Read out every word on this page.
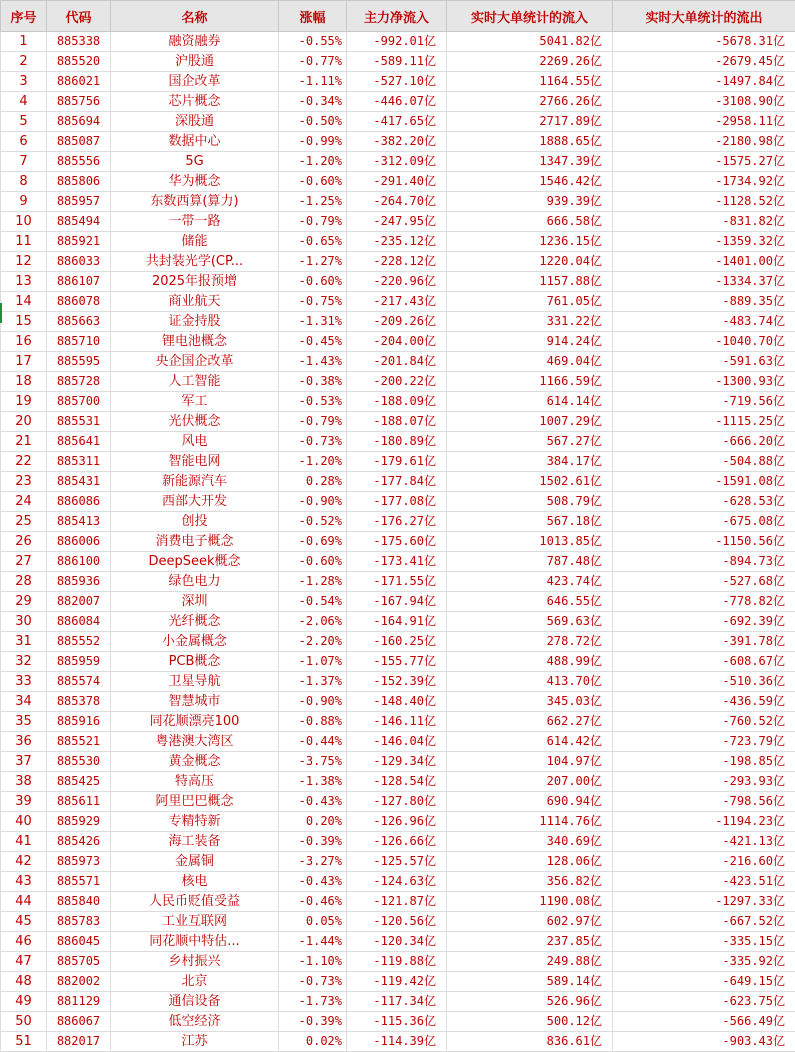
序号	代码	名称	涨幅	主力净流入	实时大单统计的流入	实时大单统计的流出
1	885338	融资融券	-0.55%	-992.01亿	5041.82亿	-5678.31亿
2	885520	沪股通	-0.77%	-589.11亿	2269.26亿	-2679.45亿
3	886021	国企改革	-1.11%	-527.10亿	1164.55亿	-1497.84亿
4	885756	芯片概念	-0.34%	-446.07亿	2766.26亿	-3108.90亿
5	885694	深股通	-0.50%	-417.65亿	2717.89亿	-2958.11亿
6	885087	数据中心	-0.99%	-382.20亿	1888.65亿	-2180.98亿
7	885556	5G	-1.20%	-312.09亿	1347.39亿	-1575.27亿
8	885806	华为概念	-0.60%	-291.40亿	1546.42亿	-1734.92亿
9	885957	东数西算(算力)	-1.25%	-264.70亿	939.39亿	-1128.52亿
10	885494	一带一路	-0.79%	-247.95亿	666.58亿	-831.82亿
11	885921	储能	-0.65%	-235.12亿	1236.15亿	-1359.32亿
12	886033	共封装光学(CP...	-1.27%	-228.12亿	1220.04亿	-1401.00亿
13	886107	2025年报预增	-0.60%	-220.96亿	1157.88亿	-1334.37亿
14	886078	商业航天	-0.75%	-217.43亿	761.05亿	-889.35亿
15	885663	证金持股	-1.31%	-209.26亿	331.22亿	-483.74亿
16	885710	锂电池概念	-0.45%	-204.00亿	914.24亿	-1040.70亿
17	885595	央企国企改革	-1.43%	-201.84亿	469.04亿	-591.63亿
18	885728	人工智能	-0.38%	-200.22亿	1166.59亿	-1300.93亿
19	885700	军工	-0.53%	-188.09亿	614.14亿	-719.56亿
20	885531	光伏概念	-0.79%	-188.07亿	1007.29亿	-1115.25亿
21	885641	风电	-0.73%	-180.89亿	567.27亿	-666.20亿
22	885311	智能电网	-1.20%	-179.61亿	384.17亿	-504.88亿
23	885431	新能源汽车	0.28%	-177.84亿	1502.61亿	-1591.08亿
24	886086	西部大开发	-0.90%	-177.08亿	508.79亿	-628.53亿
25	885413	创投	-0.52%	-176.27亿	567.18亿	-675.08亿
26	886006	消费电子概念	-0.69%	-175.60亿	1013.85亿	-1150.56亿
27	886100	DeepSeek概念	-0.60%	-173.41亿	787.48亿	-894.73亿
28	885936	绿色电力	-1.28%	-171.55亿	423.74亿	-527.68亿
29	882007	深圳	-0.54%	-167.94亿	646.55亿	-778.82亿
30	886084	光纤概念	-2.06%	-164.91亿	569.63亿	-692.39亿
31	885552	小金属概念	-2.20%	-160.25亿	278.72亿	-391.78亿
32	885959	PCB概念	-1.07%	-155.77亿	488.99亿	-608.67亿
33	885574	卫星导航	-1.37%	-152.39亿	413.70亿	-510.36亿
34	885378	智慧城市	-0.90%	-148.40亿	345.03亿	-436.59亿
35	885916	同花顺漂亮100	-0.88%	-146.11亿	662.27亿	-760.52亿
36	885521	粤港澳大湾区	-0.44%	-146.04亿	614.42亿	-723.79亿
37	885530	黄金概念	-3.75%	-129.34亿	104.97亿	-198.85亿
38	885425	特高压	-1.38%	-128.54亿	207.00亿	-293.93亿
39	885611	阿里巴巴概念	-0.43%	-127.80亿	690.94亿	-798.56亿
40	885929	专精特新	0.20%	-126.96亿	1114.76亿	-1194.23亿
41	885426	海工装备	-0.39%	-126.66亿	340.69亿	-421.13亿
42	885973	金属铜	-3.27%	-125.57亿	128.06亿	-216.60亿
43	885571	核电	-0.43%	-124.63亿	356.82亿	-423.51亿
44	885840	人民币贬值受益	-0.46%	-121.87亿	1190.08亿	-1297.33亿
45	885783	工业互联网	0.05%	-120.56亿	602.97亿	-667.52亿
46	886045	同花顺中特估...	-1.44%	-120.34亿	237.85亿	-335.15亿
47	885705	乡村振兴	-1.10%	-119.88亿	249.88亿	-335.92亿
48	882002	北京	-0.73%	-119.42亿	589.14亿	-649.15亿
49	881129	通信设备	-1.73%	-117.34亿	526.96亿	-623.75亿
50	886067	低空经济	-0.39%	-115.36亿	500.12亿	-566.49亿
51	882017	江苏	0.02%	-114.39亿	836.61亿	-903.43亿
